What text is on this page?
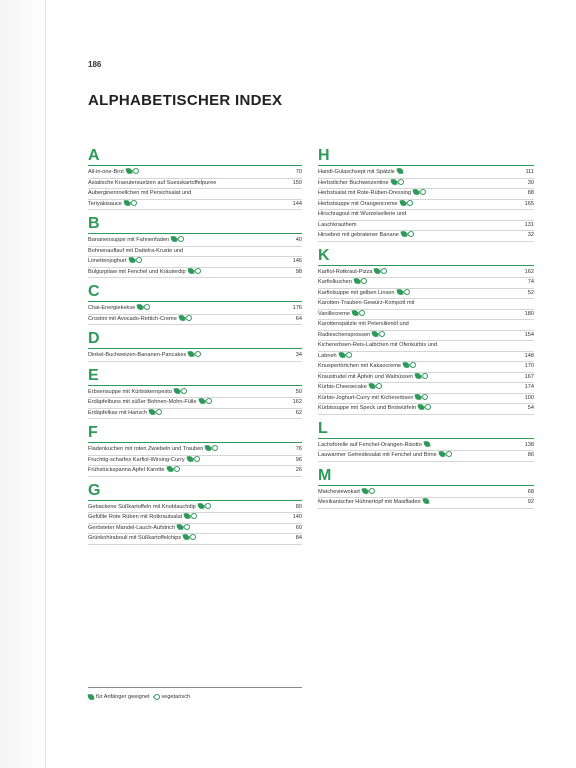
186
ALPHABETISCHER INDEX
A
All-in-one-Brot	70
Asiatische Kraeutersuelzen auf Suesskartoffelpuree	150
Auberginenroellchen mit Persichsalat und
Teriyakisauce	144
B
Bananensuppe mit Fahnenfaden	40
Bohnenauflauf mit Dattelra-Kruste und
Limettenjoghurt	146
Bulgurpilaw mit Fenchel und Kräuterdip	98
C
Chai-Energiekekse	176
Crostini mit Avocado-Rettich-Creme	64
D
Dinkel-Buchweizen-Bananen-Pancakes	34
E
Erbsensuppe mit Kürbiskernpesto	50
Erdäpfelbuns mit süßer Bohnen-Mohn-Fülle	162
Erdäpfelkas mit Harisch	62
F
Fladenkuchen mit roten Zwiebeln und Trauben	76
Fruchtig-scharfes Karfiol-Wirsing-Curry	96
Frühstückspanna Apfel Karotte	26
G
Gebackene Süßkartoffeln mit Knoblauchdip	80
Gefüllte Rote Rüben mit Rotkrautsalat	140
Gerösteter Mandel-Lauch-Aufstrich	60
Grünkohlrabouli mit Süßkartoffelchips	84
H
Handl-Gulaschsept mit Spätzle	111
Herbstlicher Buchweizentine	30
Herbstsalat mit Rote-Rüben-Dressing	88
Herbstsuppe mit Orangencreme	165
Hirschragout mit Wurzelsellerie und
Lauchkrauthem	131
Hirsebrei mit gebratener Banane	32
K
Karfiol-Rotkraut-Pizza	162
Karfiolkuchen	74
Karfiolsuppe mit gelben Linsen	52
Karotten-Trauben-Gewürz-Kompott mit
Vanillecreme	180
Karottenspätzle mit Petersilienöl und
Radieschensprossen	154
Kichererbsen-Reis-Laibchen mit Ofenkürbis und
Labneh	148
Knuspertörtchen mit Kakaocreme	170
Kraustrudel mit Äpfeln und Walnüssen	167
Kürbis-Cheesecake	174
Kürbis-Joghurt-Curry mit Kichererbsen	100
Kürbissuppe mit Speck und Brotwürfeln	54
L
Lachsforelle auf Fenchel-Orangen-Risotto	138
Lauwarmer Getreidesalat mit Fenchel und Birne	86
M
Matcheviewokart	68
Mexikanischer Hühnertopf mit Maisfladen	92
für Anfänger geeignet vegetarisch
